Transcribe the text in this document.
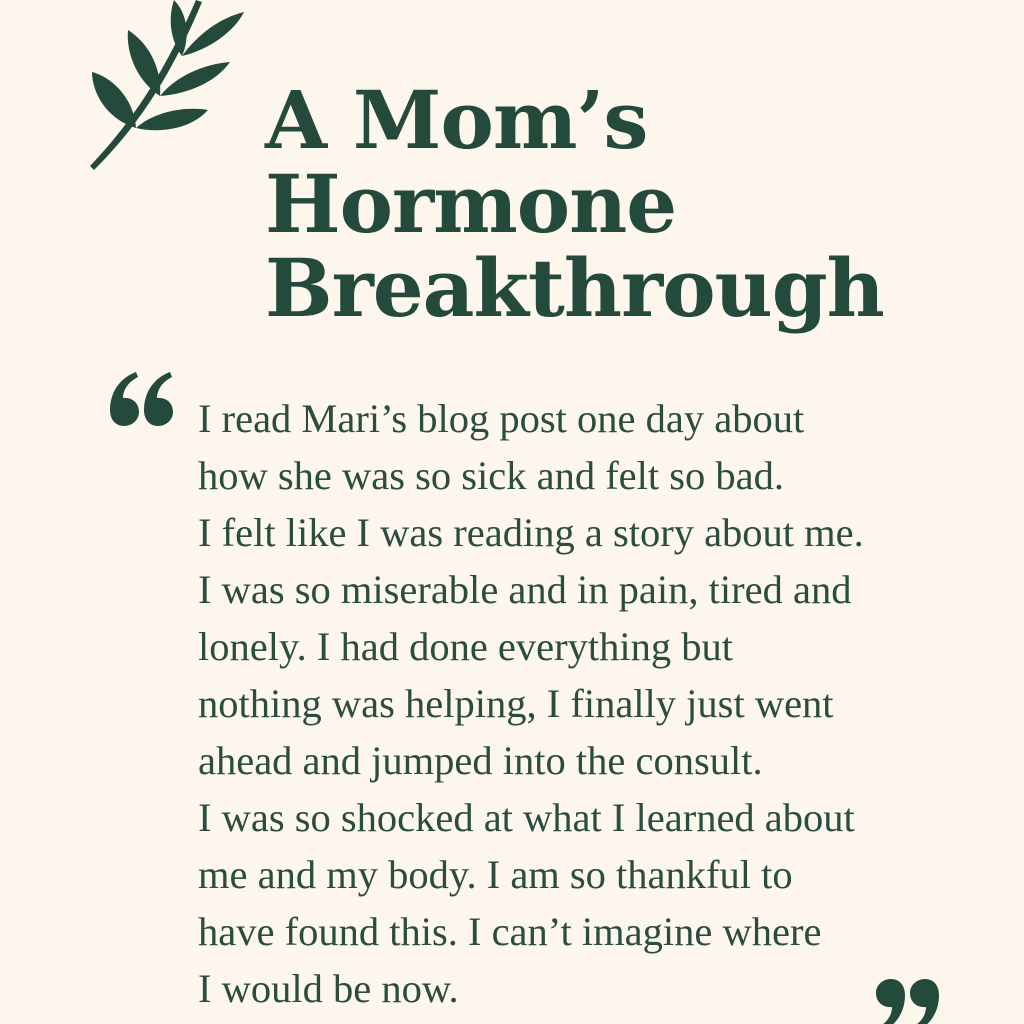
A Mom’s
Hormone
Breakthrough
I read Mari’s blog post one day about
how she was so sick and felt so bad.
I felt like I was reading a story about me.
I was so miserable and in pain, tired and
lonely. I had done everything but
nothing was helping, I finally just went
ahead and jumped into the consult.
I was so shocked at what I learned about
me and my body. I am so thankful to
have found this. I can’t imagine where
I would be now.
